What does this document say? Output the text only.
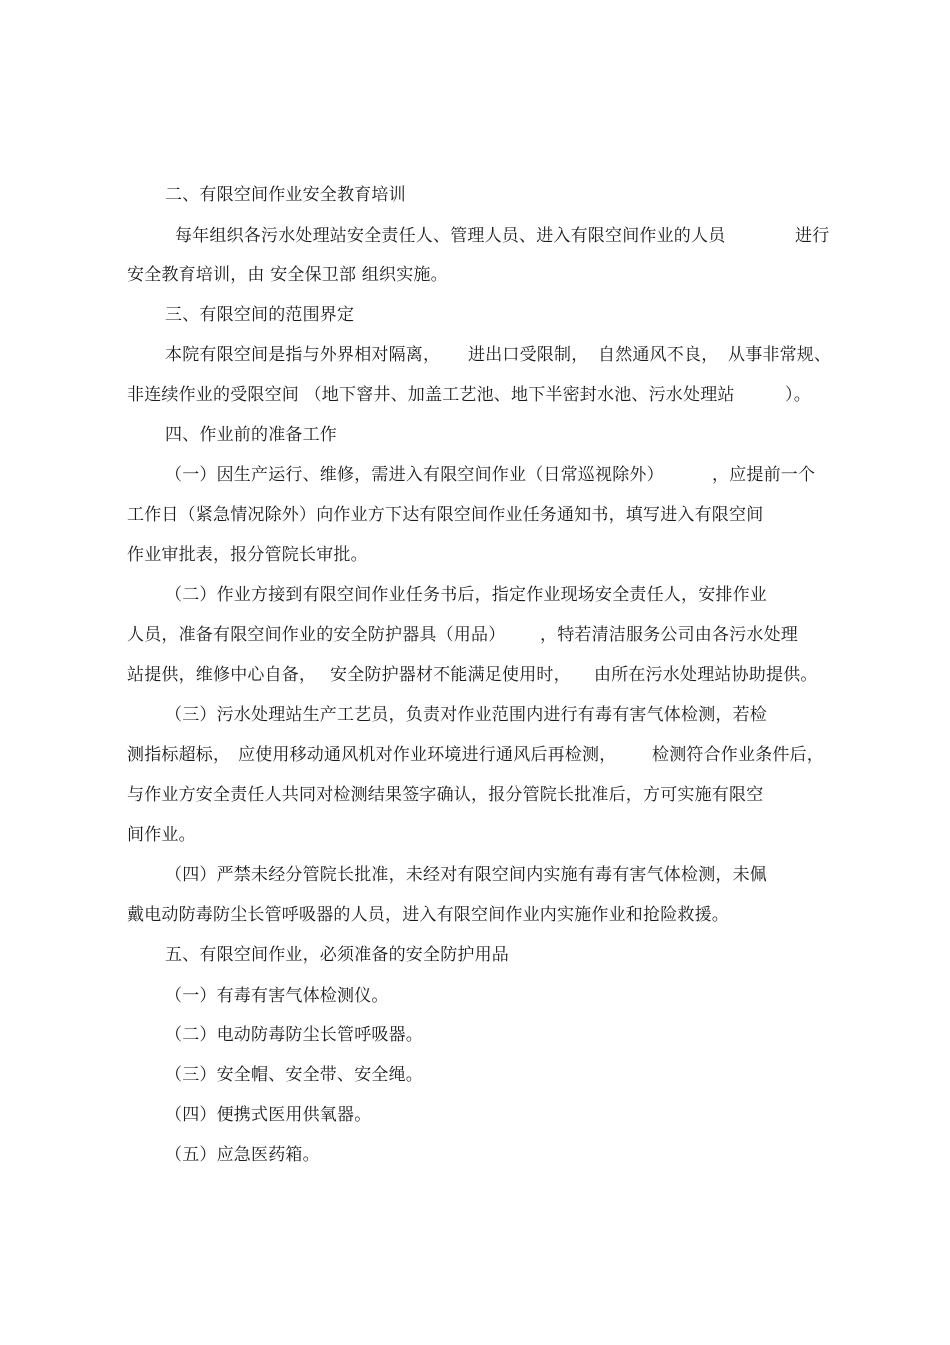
二、有限空间作业安全教育培训
每年组织各污水处理站安全责任人、管理人员、进入有限空间作业的人员	进行
安全教育培训，由 安全保卫部 组织实施。
三、有限空间的范围界定
本院有限空间是指与外界相对隔离， 进出口受限制， 自然通风不良， 从事非常规、
非连续作业的受限空间 （地下窨井、加盖工艺池、地下半密封水池、污水处理站	）。
四、作业前的准备工作
（一）因生产运行、维修，需进入有限空间作业（日常巡视除外）	，应提前一个
工作日（紧急情况除外）向作业方下达有限空间作业任务通知书，填写进入有限空间
作业审批表，报分管院长审批。
（二）作业方接到有限空间作业任务书后，指定作业现场安全责任人，安排作业
人员，准备有限空间作业的安全防护器具（用品） ，特若清洁服务公司由各污水处理
站提供，维修中心自备， 安全防护器材不能满足使用时， 由所在污水处理站协助提供。
（三）污水处理站生产工艺员，负责对作业范围内进行有毒有害气体检测，若检
测指标超标， 应使用移动通风机对作业环境进行通风后再检测， 检测符合作业条件后，
与作业方安全责任人共同对检测结果签字确认，报分管院长批准后，方可实施有限空
间作业。
（四）严禁未经分管院长批准，未经对有限空间内实施有毒有害气体检测，未佩
戴电动防毒防尘长管呼吸器的人员，进入有限空间作业内实施作业和抢险救援。
五、有限空间作业，必须准备的安全防护用品
（一）有毒有害气体检测仪。
（二）电动防毒防尘长管呼吸器。
（三）安全帽、安全带、安全绳。
（四）便携式医用供氧器。
（五）应急医药箱。
